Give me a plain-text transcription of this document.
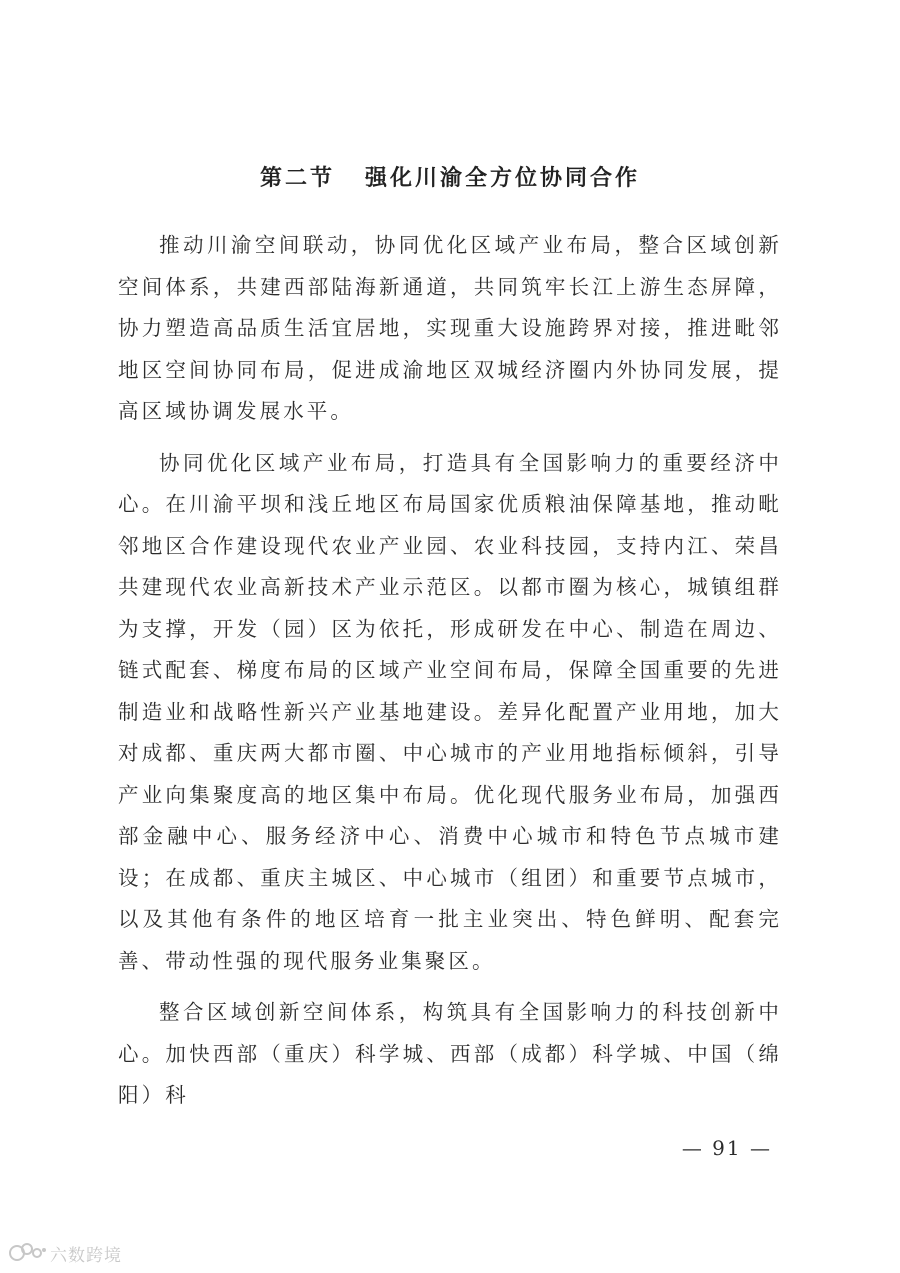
第二节 强化川渝全方位协同合作

推动川渝空间联动，协同优化区域产业布局，整合区域创新空间体系，共建西部陆海新通道，共同筑牢长江上游生态屏障，协力塑造高品质生活宜居地，实现重大设施跨界对接，推进毗邻地区空间协同布局，促进成渝地区双城经济圈内外协同发展，提高区域协调发展水平。

协同优化区域产业布局，打造具有全国影响力的重要经济中心。在川渝平坝和浅丘地区布局国家优质粮油保障基地，推动毗邻地区合作建设现代农业产业园、农业科技园，支持内江、荣昌共建现代农业高新技术产业示范区。以都市圈为核心，城镇组群为支撑，开发（园）区为依托，形成研发在中心、制造在周边、链式配套、梯度布局的区域产业空间布局，保障全国重要的先进制造业和战略性新兴产业基地建设。差异化配置产业用地，加大对成都、重庆两大都市圈、中心城市的产业用地指标倾斜，引导产业向集聚度高的地区集中布局。优化现代服务业布局，加强西部金融中心、服务经济中心、消费中心城市和特色节点城市建设；在成都、重庆主城区、中心城市（组团）和重要节点城市，以及其他有条件的地区培育一批主业突出、特色鲜明、配套完善、带动性强的现代服务业集聚区。

整合区域创新空间体系，构筑具有全国影响力的科技创新中心。加快西部（重庆）科学城、西部（成都）科学城、中国（绵阳）科

— 91 —
六数跨境
